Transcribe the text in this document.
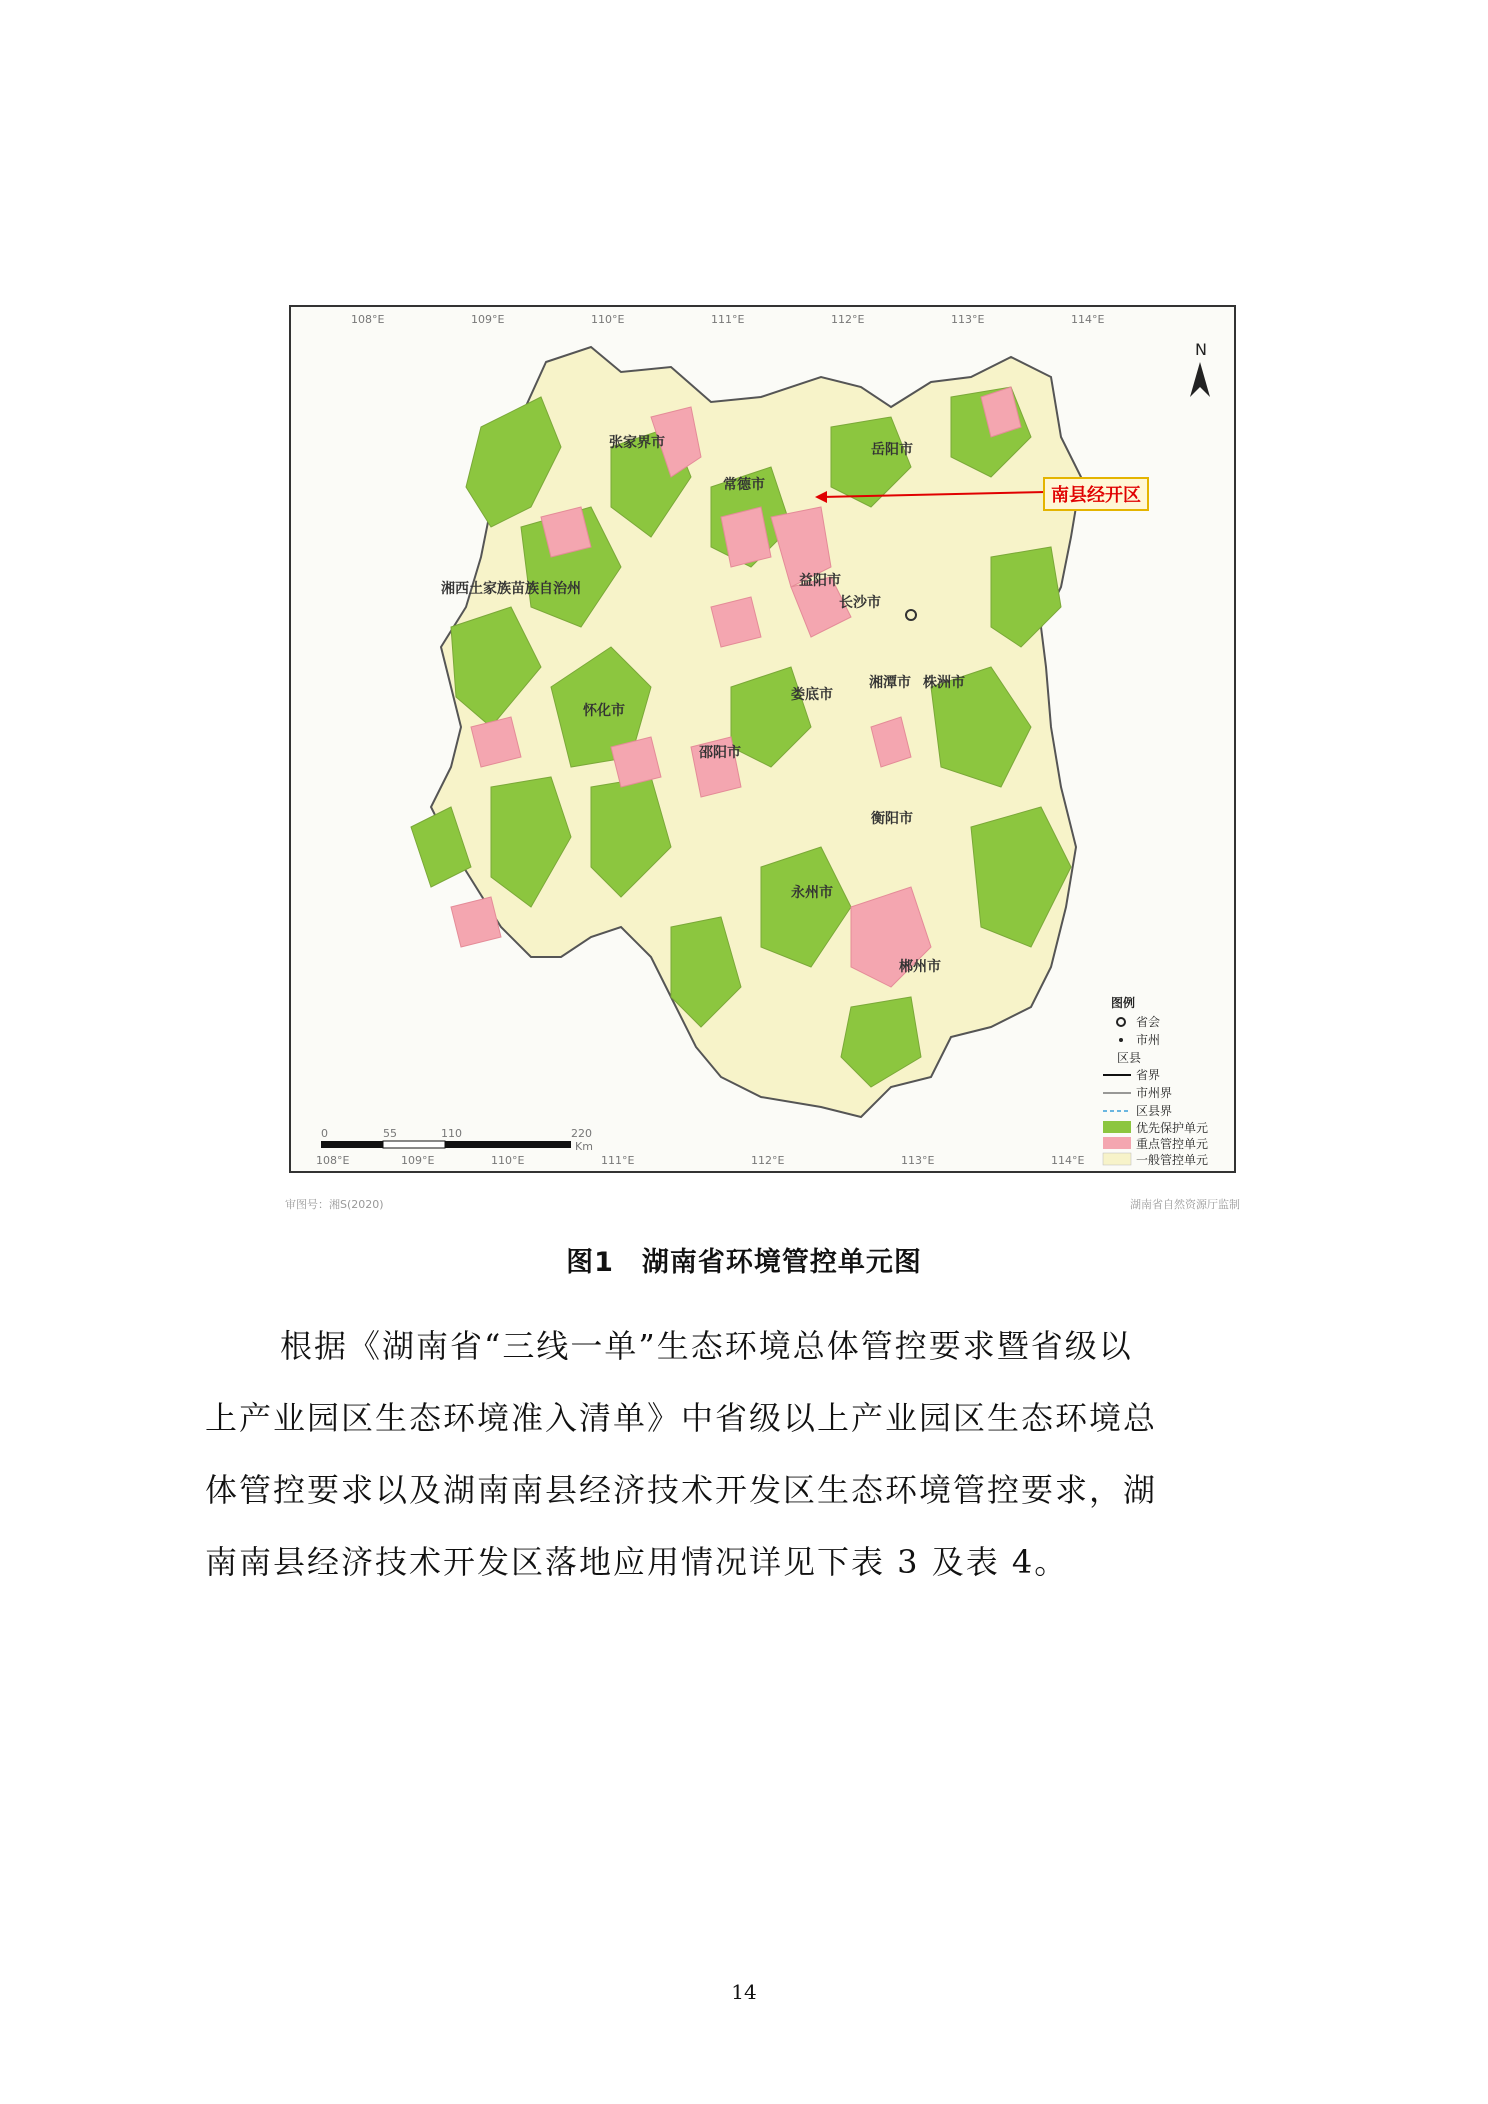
108°E	109°E	110°E	111°E	112°E	113°E	114°E
108°E	109°E	110°E	111°E	112°E	113°E	114°E
N
岳阳市
常德市
张家界市
湘西土家族苗族自治州	益阳市
长沙市
湘潭市 株洲市
娄底市
怀化市
邵阳市
衡阳市
永州市
郴州市
0	55	110	220
Km
图例
省会
市州
区县
省界
市州界
区县界
优先保护单元
重点管控单元
一般管控单元
南县经开区
审图号：湘S(2020)	湖南省自然资源厅监制
图1　湖南省环境管控单元图
根据《湖南省“三线一单”生态环境总体管控要求暨省级以
上产业园区生态环境准入清单》中省级以上产业园区生态环境总
体管控要求以及湖南南县经济技术开发区生态环境管控要求，湖
南南县经济技术开发区落地应用情况详见下表 3 及表 4。
14
